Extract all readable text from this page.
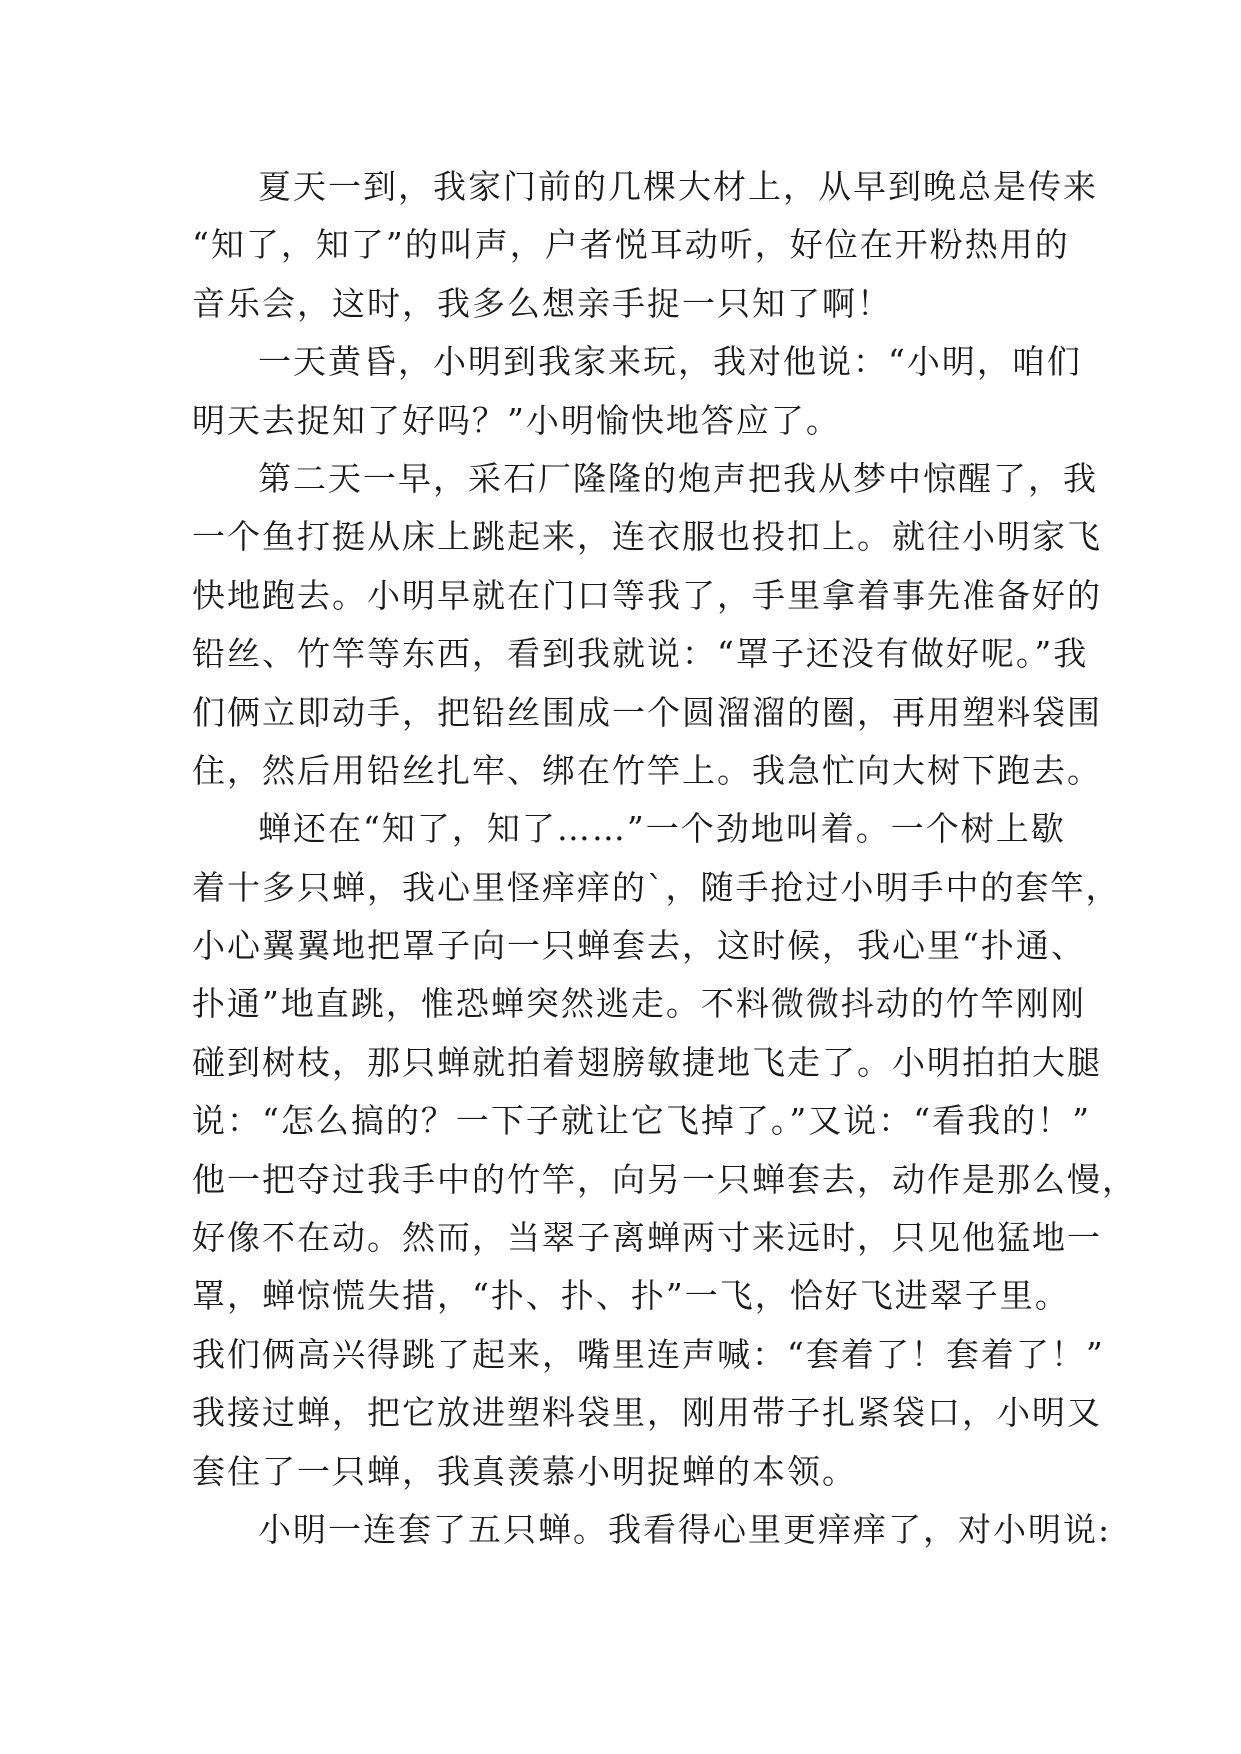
夏天一到，我家门前的几棵大材上，从早到晚总是传来
“知了，知了”的叫声，户者悦耳动听，好位在开粉热用的
音乐会，这时，我多么想亲手捉一只知了啊！
一天黄昏，小明到我家来玩，我对他说：“小明，咱们
明天去捉知了好吗？”小明愉快地答应了。
第二天一早，采石厂隆隆的炮声把我从梦中惊醒了，我
一个鱼打挺从床上跳起来，连衣服也投扣上。就往小明家飞
快地跑去。小明早就在门口等我了，手里拿着事先准备好的
铅丝、竹竿等东西，看到我就说：“罩子还没有做好呢。”我
们俩立即动手，把铅丝围成一个圆溜溜的圈，再用塑料袋围
住，然后用铅丝扎牢、绑在竹竿上。我急忙向大树下跑去。
蝉还在“知了，知了……”一个劲地叫着。一个树上歇
着十多只蝉，我心里怪痒痒的`，随手抢过小明手中的套竿，
小心翼翼地把罩子向一只蝉套去，这时候，我心里“扑通、
扑通”地直跳，惟恐蝉突然逃走。不料微微抖动的竹竿刚刚
碰到树枝，那只蝉就拍着翅膀敏捷地飞走了。小明拍拍大腿
说：“怎么搞的？一下子就让它飞掉了。”又说：“看我的！”
他一把夺过我手中的竹竿，向另一只蝉套去，动作是那么慢，
好像不在动。然而，当翠子离蝉两寸来远时，只见他猛地一
罩，蝉惊慌失措，“扑、扑、扑”一飞，恰好飞进翠子里。
我们俩高兴得跳了起来，嘴里连声喊：“套着了！套着了！”
我接过蝉，把它放进塑料袋里，刚用带子扎紧袋口，小明又
套住了一只蝉，我真羡慕小明捉蝉的本领。
小明一连套了五只蝉。我看得心里更痒痒了，对小明说:
